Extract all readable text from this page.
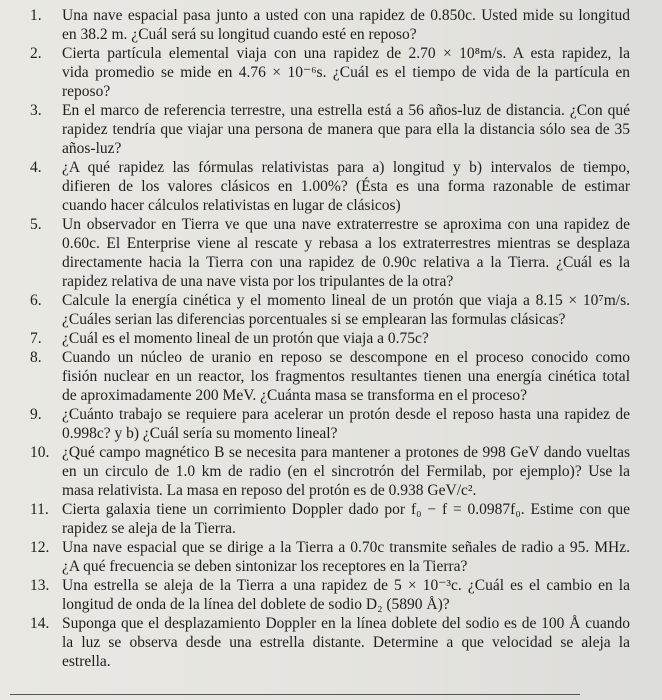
1.	Una nave espacial pasa junto a usted con una rapidez de 0.850c. Usted mide su longitud
en 38.2 m. ¿Cuál será su longitud cuando esté en reposo?
2.	Cierta partícula elemental viaja con una rapidez de 2.70 × 10⁸m/s. A esta rapidez, la
vida promedio se mide en 4.76 × 10⁻⁶s. ¿Cuál es el tiempo de vida de la partícula en
reposo?
3.	En el marco de referencia terrestre, una estrella está a 56 años-luz de distancia. ¿Con qué
rapidez tendría que viajar una persona de manera que para ella la distancia sólo sea de 35
años-luz?
4.	¿A qué rapidez las fórmulas relativistas para a) longitud y b) intervalos de tiempo,
difieren de los valores clásicos en 1.00%? (Ésta es una forma razonable de estimar
cuando hacer cálculos relativistas en lugar de clásicos)
5.	Un observador en Tierra ve que una nave extraterrestre se aproxima con una rapidez de
0.60c. El Enterprise viene al rescate y rebasa a los extraterrestres mientras se desplaza
directamente hacia la Tierra con una rapidez de 0.90c relativa a la Tierra. ¿Cuál es la
rapidez relativa de una nave vista por los tripulantes de la otra?
6.	Calcule la energía cinética y el momento lineal de un protón que viaja a 8.15 × 10⁷m/s.
¿Cuáles serian las diferencias porcentuales si se emplearan las formulas clásicas?
7.	¿Cuál es el momento lineal de un protón que viaja a 0.75c?
8.	Cuando un núcleo de uranio en reposo se descompone en el proceso conocido como
fisión nuclear en un reactor, los fragmentos resultantes tienen una energía cinética total
de aproximadamente 200 MeV. ¿Cuánta masa se transforma en el proceso?
9.	¿Cuánto trabajo se requiere para acelerar un protón desde el reposo hasta una rapidez de
0.998c? y b) ¿Cuál sería su momento lineal?
10. ¿Qué campo magnético B se necesita para mantener a protones de 998 GeV dando vueltas
en un circulo de 1.0 km de radio (en el sincrotrón del Fermilab, por ejemplo)? Use la
masa relativista. La masa en reposo del protón es de 0.938 GeV/c².
11. Cierta galaxia tiene un corrimiento Doppler dado por f₀ − f = 0.0987f₀. Estime con que
rapidez se aleja de la Tierra.
12. Una nave espacial que se dirige a la Tierra a 0.70c transmite señales de radio a 95. MHz.
¿A qué frecuencia se deben sintonizar los receptores en la Tierra?
13. Una estrella se aleja de la Tierra a una rapidez de 5 × 10⁻³c. ¿Cuál es el cambio en la
longitud de onda de la línea del doblete de sodio D₂ (5890 Å)?
14. Suponga que el desplazamiento Doppler en la línea doblete del sodio es de 100 Å cuando
la luz se observa desde una estrella distante. Determine a que velocidad se aleja la
estrella.
